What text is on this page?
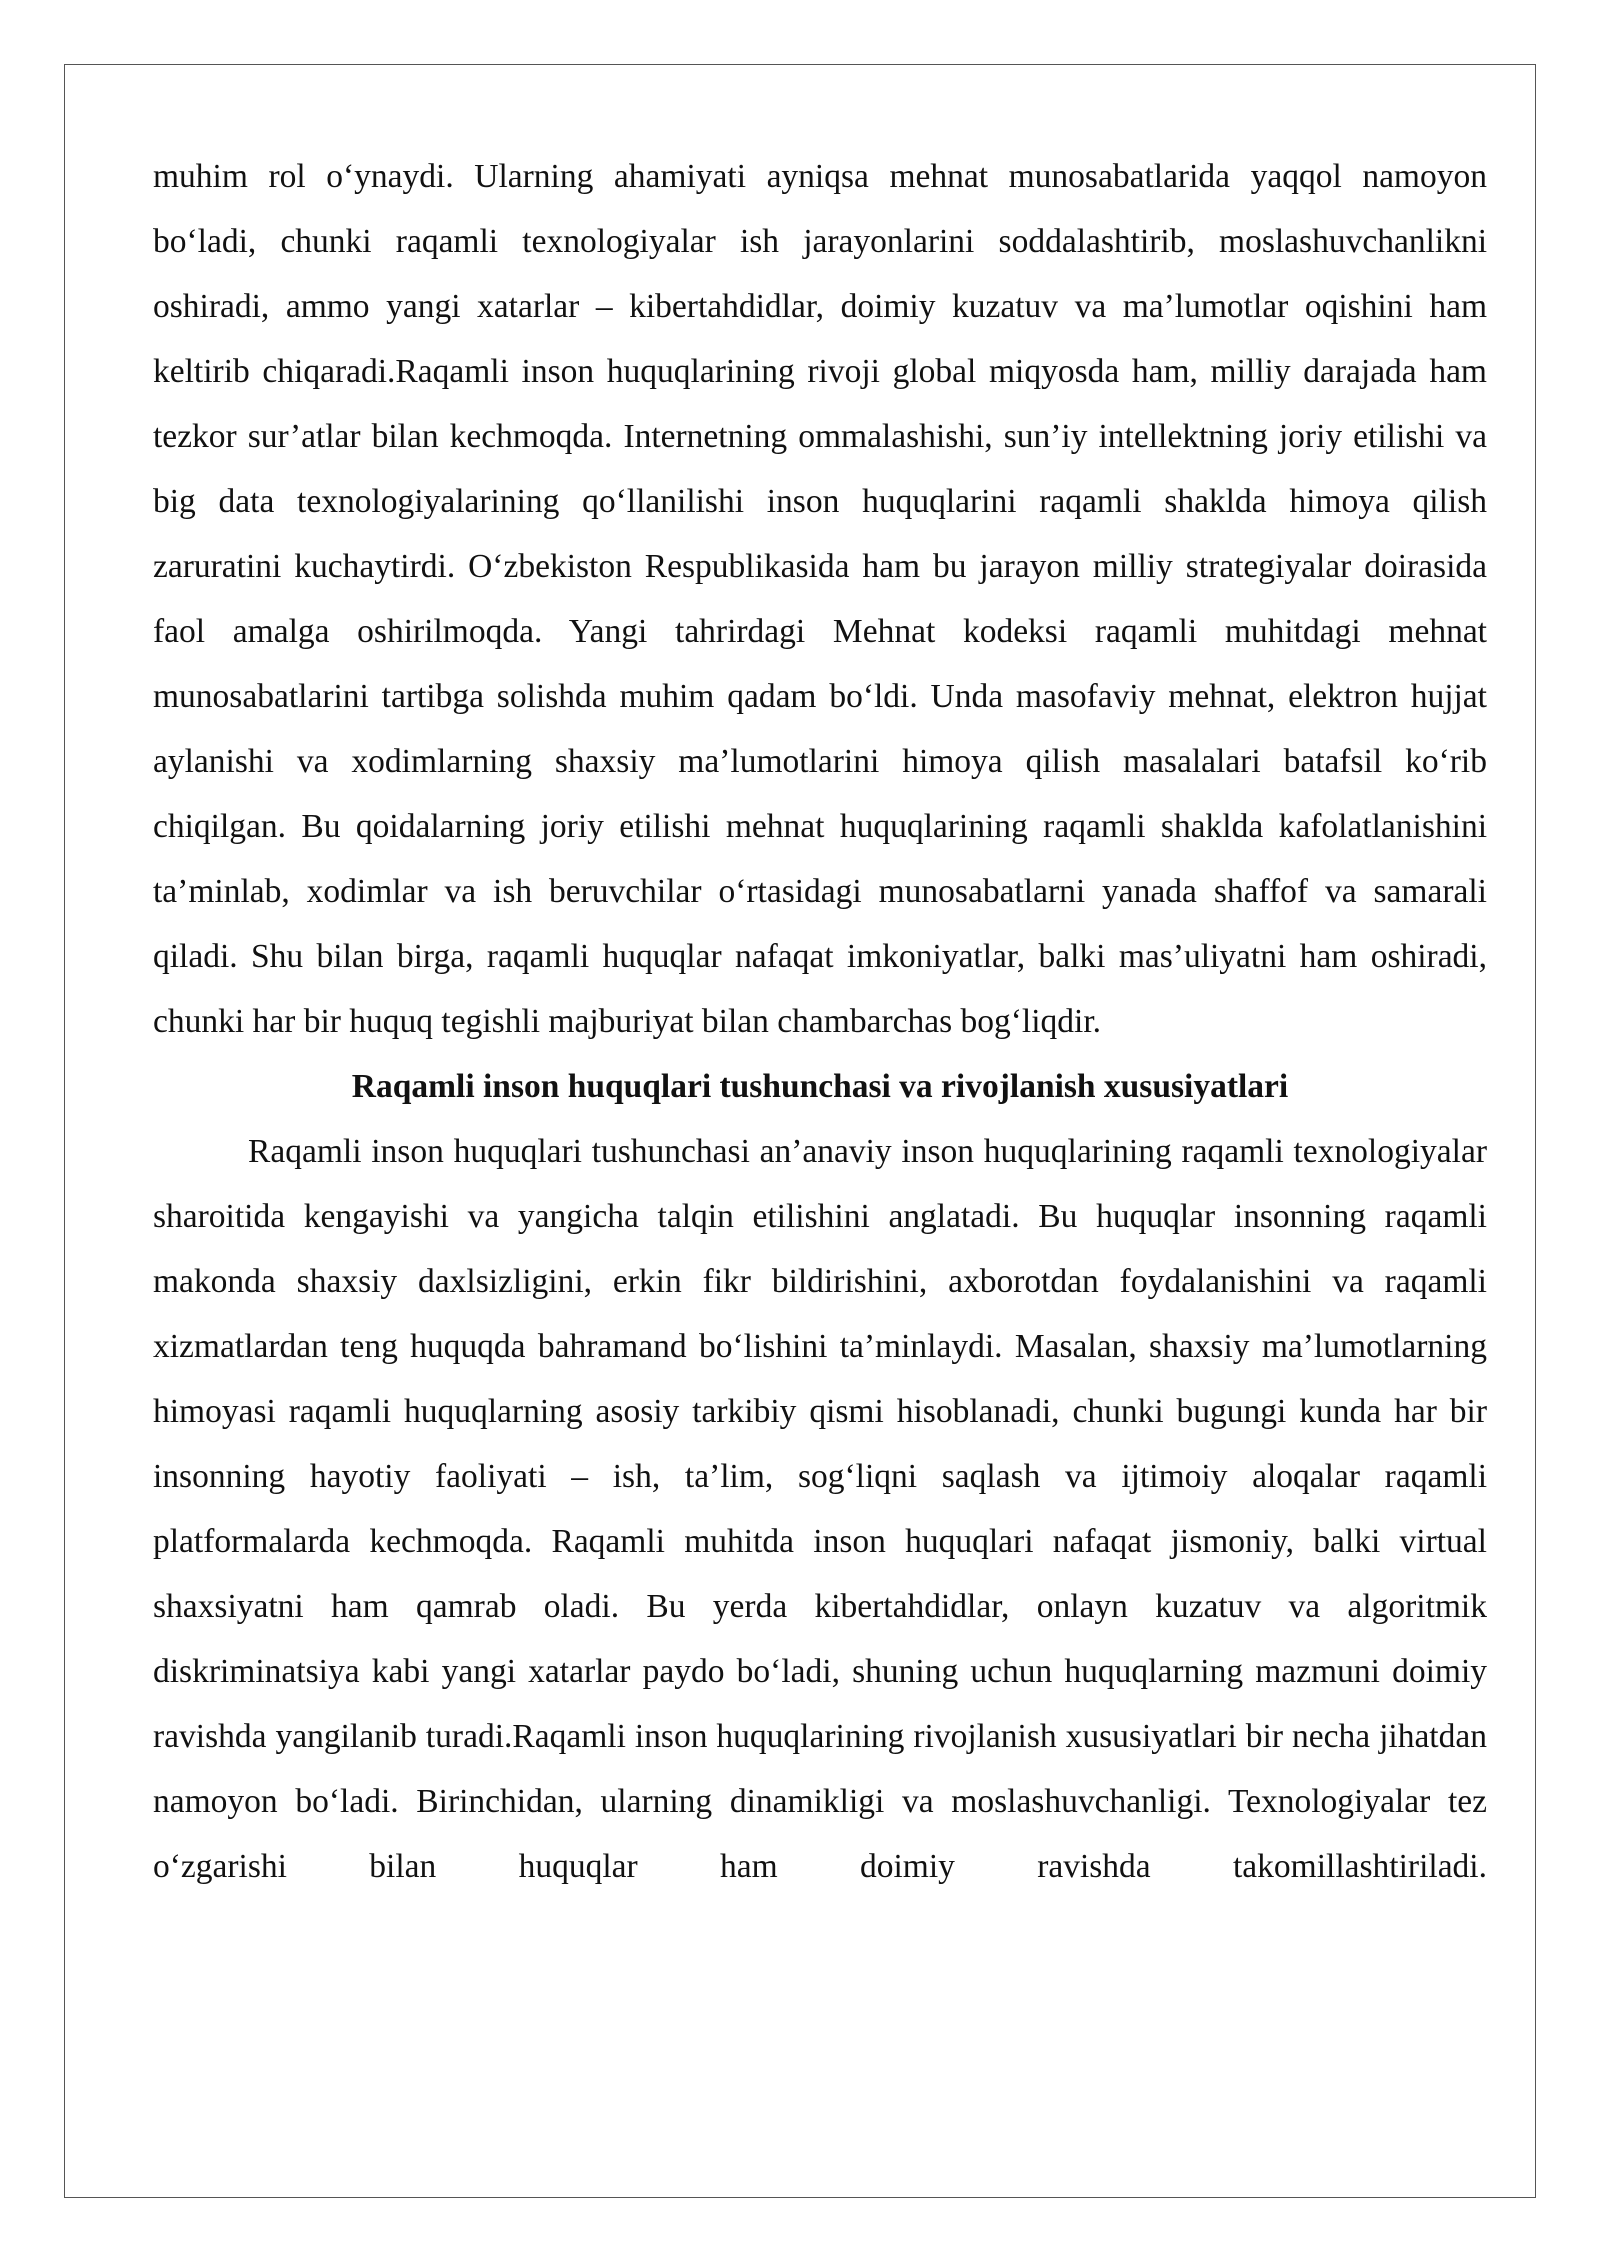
muhim rol o‘ynaydi. Ularning ahamiyati ayniqsa mehnat munosabatlarida yaqqol namoyon bo‘ladi, chunki raqamli texnologiyalar ish jarayonlarini soddalashtirib, moslashuvchanlikni oshiradi, ammo yangi xatarlar – kibertahdidlar, doimiy kuzatuv va ma’lumotlar oqishini ham keltirib chiqaradi.Raqamli inson huquqlarining rivoji global miqyosda ham, milliy darajada ham tezkor sur’atlar bilan kechmoqda. Internetning ommalashishi, sun’iy intellektning joriy etilishi va big data texnologiyalarining qo‘llanilishi inson huquqlarini raqamli shaklda himoya qilish zaruratini kuchaytirdi. O‘zbekiston Respublikasida ham bu jarayon milliy strategiyalar doirasida faol amalga oshirilmoqda. Yangi tahrirdagi Mehnat kodeksi raqamli muhitdagi mehnat munosabatlarini tartibga solishda muhim qadam bo‘ldi. Unda masofaviy mehnat, elektron hujjat aylanishi va xodimlarning shaxsiy ma’lumotlarini himoya qilish masalalari batafsil ko‘rib chiqilgan. Bu qoidalarning joriy etilishi mehnat huquqlarining raqamli shaklda kafolatlanishini ta’minlab, xodimlar va ish beruvchilar o‘rtasidagi munosabatlarni yanada shaffof va samarali qiladi. Shu bilan birga, raqamli huquqlar nafaqat imkoniyatlar, balki mas’uliyatni ham oshiradi, chunki har bir huquq tegishli majburiyat bilan chambarchas bog‘liqdir.

Raqamli inson huquqlari tushunchasi va rivojlanish xususiyatlari

Raqamli inson huquqlari tushunchasi an’anaviy inson huquqlarining raqamli texnologiyalar sharoitida kengayishi va yangicha talqin etilishini anglatadi. Bu huquqlar insonning raqamli makonda shaxsiy daxlsizligini, erkin fikr bildirishini, axborotdan foydalanishini va raqamli xizmatlardan teng huquqda bahramand bo‘lishini ta’minlaydi. Masalan, shaxsiy ma’lumotlarning himoyasi raqamli huquqlarning asosiy tarkibiy qismi hisoblanadi, chunki bugungi kunda har bir insonning hayotiy faoliyati – ish, ta’lim, sog‘liqni saqlash va ijtimoiy aloqalar raqamli platformalarda kechmoqda. Raqamli muhitda inson huquqlari nafaqat jismoniy, balki virtual shaxsiyatni ham qamrab oladi. Bu yerda kibertahdidlar, onlayn kuzatuv va algoritmik diskriminatsiya kabi yangi xatarlar paydo bo‘ladi, shuning uchun huquqlarning mazmuni doimiy ravishda yangilanib turadi.Raqamli inson huquqlarining rivojlanish xususiyatlari bir necha jihatdan namoyon bo‘ladi. Birinchidan, ularning dinamikligi va moslashuvchanligi. Texnologiyalar tez o‘zgarishi bilan huquqlar ham doimiy ravishda takomillashtiriladi.
